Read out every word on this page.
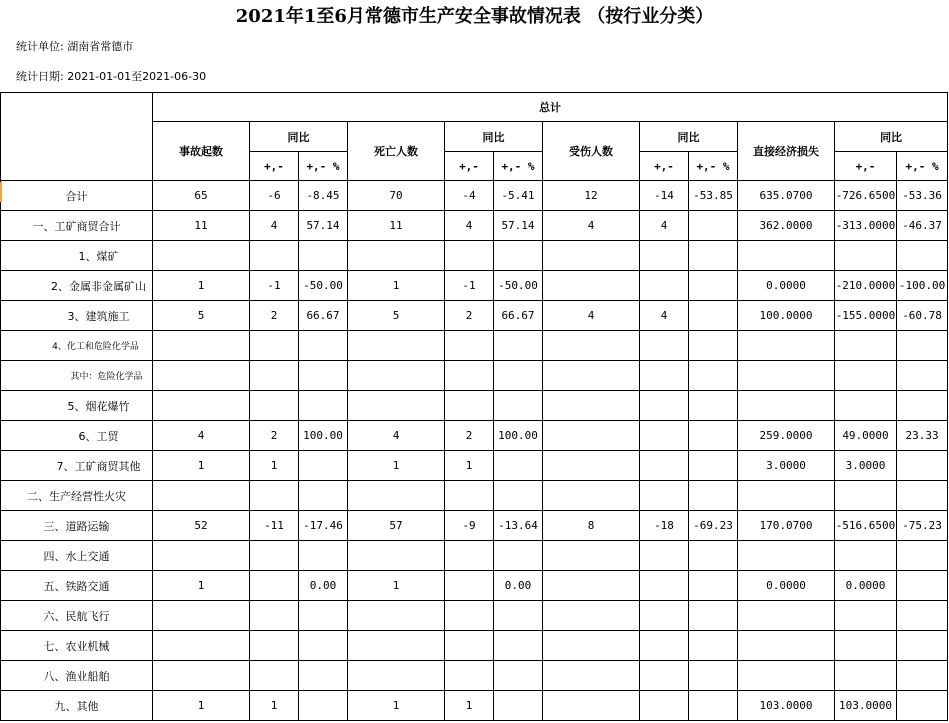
2021年1至6月常德市生产安全事故情况表 （按行业分类）
统计单位: 湖南省常德市
统计日期: 2021-01-01至2021-06-30
	总计											
	事故起数	同比		死亡人数	同比		受伤人数	同比		直接经济损失	同比	
		+,-	+,- %		+,-	+,- %		+,-	+,- %		+,-	+,- %
合计	65	-6	-8.45	70	-4	-5.41	12	-14	-53.85	635.0700	-726.6500	-53.36
一、工矿商贸合计	11	4	57.14	11	4	57.14	4	4		362.0000	-313.0000	-46.37
1、煤矿												
2、金属非金属矿山	1	-1	-50.00	1	-1	-50.00				0.0000	-210.0000	-100.00
3、建筑施工	5	2	66.67	5	2	66.67	4	4		100.0000	-155.0000	-60.78
4、化工和危险化学品												
其中：危险化学品												
5、烟花爆竹												
6、工贸	4	2	100.00	4	2	100.00				259.0000	49.0000	23.33
7、工矿商贸其他	1	1		1	1					3.0000	3.0000	
二、生产经营性火灾												
三、道路运输	52	-11	-17.46	57	-9	-13.64	8	-18	-69.23	170.0700	-516.6500	-75.23
四、水上交通												
五、铁路交通	1		0.00	1		0.00				0.0000	0.0000	
六、民航飞行												
七、农业机械												
八、渔业船舶												
九、其他	1	1		1	1					103.0000	103.0000	
